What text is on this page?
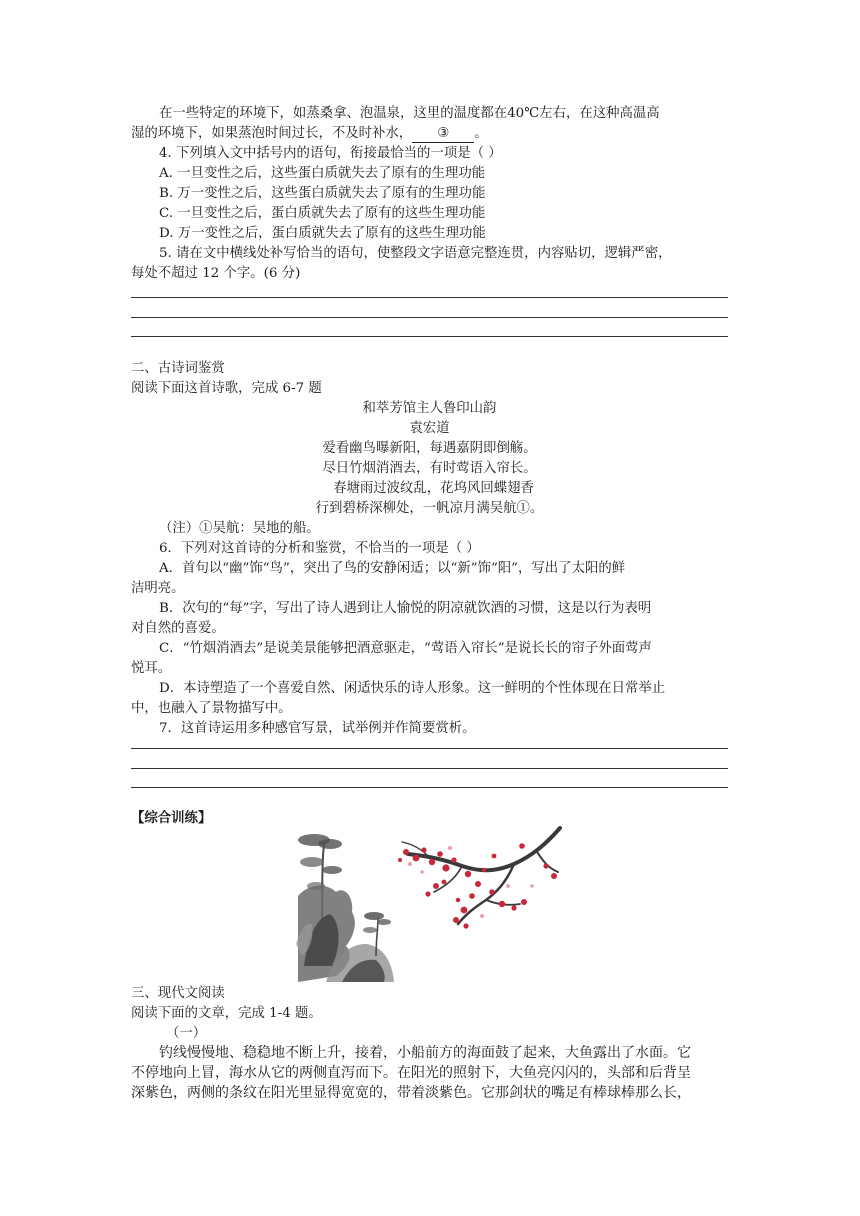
在一些特定的环境下，如蒸桑拿、泡温泉，这里的温度都在40℃左右，在这种高温高
湿的环境下，如果蒸泡时间过长，不及时补水， ③ 。
4. 下列填入文中括号内的语句，衔接最恰当的一项是（ ）
A. 一旦变性之后，这些蛋白质就失去了原有的生理功能
B. 万一变性之后，这些蛋白质就失去了原有的生理功能
C. 一旦变性之后，蛋白质就失去了原有的这些生理功能
D. 万一变性之后，蛋白质就失去了原有的这些生理功能
5. 请在文中横线处补写恰当的语句，使整段文字语意完整连贯，内容贴切，逻辑严密，
每处不超过 12 个字。(6 分)
二、古诗词鉴赏
阅读下面这首诗歌，完成 6-7 题
和萃芳馆主人鲁印山韵
袁宏道
爱看幽鸟曝新阳，每遇嘉阴即倒觞。
尽日竹烟消酒去，有时莺语入帘长。
春塘雨过波纹乱，花坞风回蝶翅香
行到碧桥深柳处，一帆凉月满吴航①。
（注）①吴航：吴地的船。
6．下列对这首诗的分析和鉴赏，不恰当的一项是（ ）
A．首句以“幽”饰“鸟”，突出了鸟的安静闲适；以“新”饰“阳”，写出了太阳的鲜
洁明亮。
B．次句的“每”字，写出了诗人遇到让人愉悦的阴凉就饮酒的习惯，这是以行为表明
对自然的喜爱。
C．“竹烟消酒去”是说美景能够把酒意驱走，“莺语入帘长”是说长长的帘子外面莺声
悦耳。
D．本诗塑造了一个喜爱自然、闲适快乐的诗人形象。这一鲜明的个性体现在日常举止
中，也融入了景物描写中。
7．这首诗运用多种感官写景，试举例并作简要赏析。
【综合训练】
三、现代文阅读
阅读下面的文章，完成 1-4 题。
（一）
钓线慢慢地、稳稳地不断上升，接着，小船前方的海面鼓了起来，大鱼露出了水面。它
不停地向上冒，海水从它的两侧直泻而下。在阳光的照射下，大鱼亮闪闪的，头部和后背呈
深紫色，两侧的条纹在阳光里显得宽宽的，带着淡紫色。它那剑状的嘴足有棒球棒那么长，
